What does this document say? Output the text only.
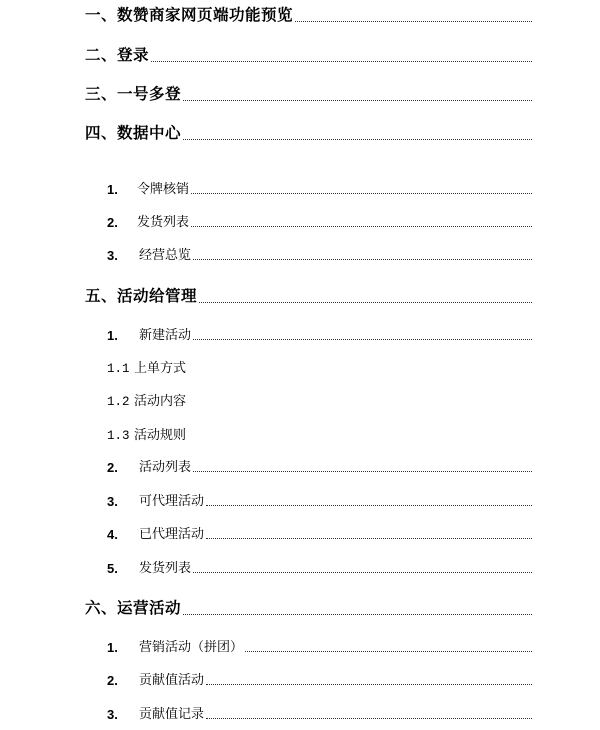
一、数赞商家网页端功能预览
二、登录
三、一号多登
四、数据中心
1.	令牌核销
2.	发货列表
3.	经营总览
五、活动给管理
1.	新建活动
1.1 上单方式
1.2 活动内容
1.3 活动规则
2.	活动列表
3.	可代理活动
4.	已代理活动
5.	发货列表
六、运营活动
1.	营销活动（拼团）
2.	贡献值活动
3.	贡献值记录
